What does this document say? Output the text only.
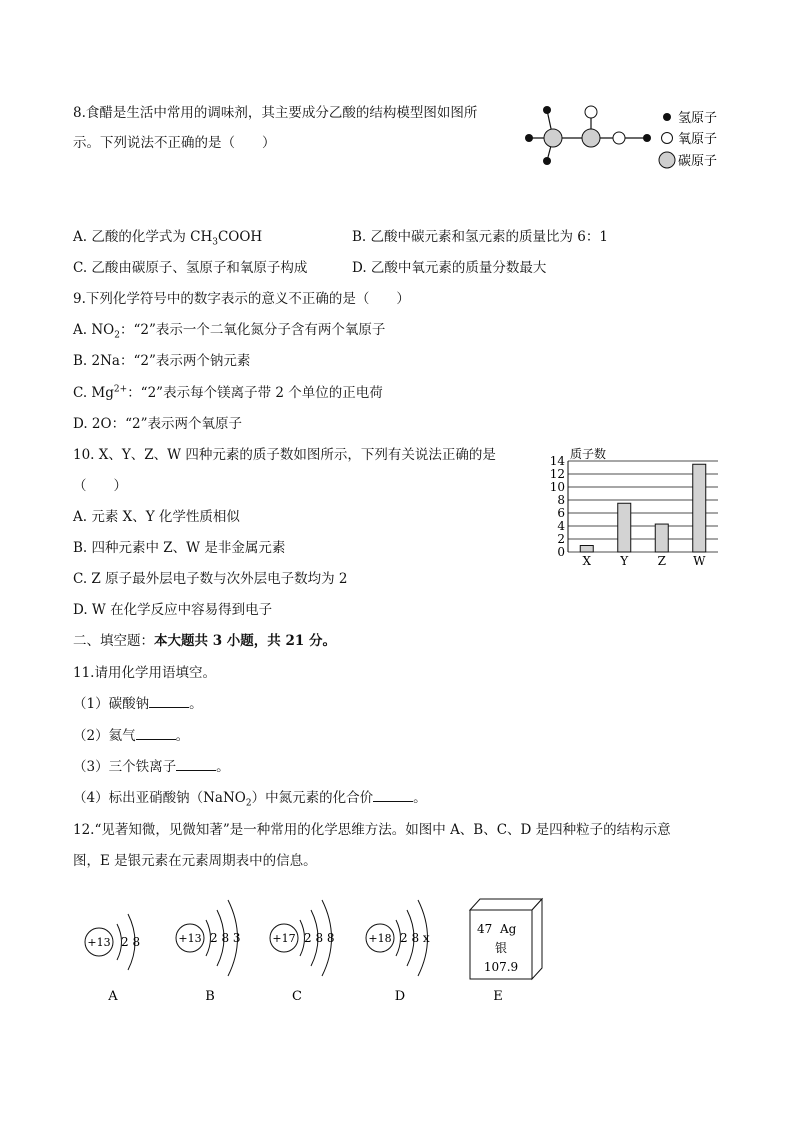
8.食醋是生活中常用的调味剂，其主要成分乙酸的结构模型图如图所
示。下列说法不正确的是（　　）
氢原子
氧原子
碳原子
A. 乙酸的化学式为 $CH_3COOH$	B. 乙酸中碳元素和氢元素的质量比为 6：1
C. 乙酸由碳原子、氢原子和氧原子构成	D. 乙酸中氧元素的质量分数最大
9.下列化学符号中的数字表示的意义不正确的是（　　）
A. $NO_2$：“2”表示一个二氧化氮分子含有两个氧原子
B. 2Na：“2”表示两个钠元素
C. $Mg^{2+}$：“2”表示每个镁离子带 2 个单位的正电荷
D. 2O：“2”表示两个氧原子
10. X、Y、Z、W 四种元素的质子数如图所示，下列有关说法正确的是
（　　）
A. 元素 X、Y 化学性质相似
B. 四种元素中 Z、W 是非金属元素
C. Z 原子最外层电子数与次外层电子数均为 2
D. W 在化学反应中容易得到电子
质子数
0
2
4
6
8
10
12
14
X Y Z W
二、填空题：本大题共 3 小题，共 21 分。
11.请用化学用语填空。
（1）碳酸钠	。
（2）氦气	。
（3）三个铁离子	。
（4）标出亚硝酸钠（NaNO$_2$）中氮元素的化合价	。
12.“见著知微，见微知著”是一种常用的化学思维方法。如图中 A、B、C、D 是四种粒子的结构示意
图，E 是银元素在元素周期表中的信息。
+13 2 8
A
+13 2 8 3
B
+17 2 8 8
C
+18 2 8 x
D
47 Ag
银
107.9
E
